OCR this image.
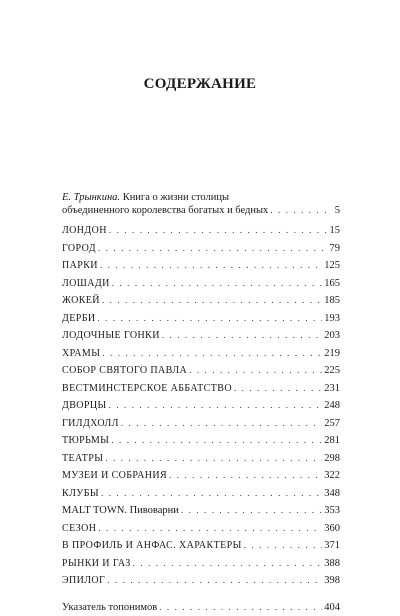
СОДЕРЖАНИЕ
Е. Трынкина. Книга о жизни столицы
объединенного королевства богатых и бедных . . .	5
ЛОНДОН . . .	15
ГОРОД . . .	79
ПАРКИ . . .	125
ЛОШАДИ . . .	165
ЖОКЕЙ . . .	185
ДЕРБИ . . .	193
ЛОДОЧНЫЕ ГОНКИ . . .	203
ХРАМЫ . . .	219
СОБОР СВЯТОГО ПАВЛА . . .	225
ВЕСТМИНСТЕРСКОЕ АББАТСТВО . . .	231
ДВОРЦЫ . . .	248
ГИЛДХОЛЛ . . .	257
ТЮРЬМЫ . . .	281
ТЕАТРЫ . . .	298
МУЗЕИ И СОБРАНИЯ . . .	322
КЛУБЫ . . .	348
MALT TOWN. Пивоварни . . .	353
СЕЗОН . . .	360
В ПРОФИЛЬ И АНФАС. ХАРАКТЕРЫ . . .	371
РЫНКИ И ГАЗ . . .	388
ЭПИЛОГ . . .	398
Указатель топонимов . . .	404
